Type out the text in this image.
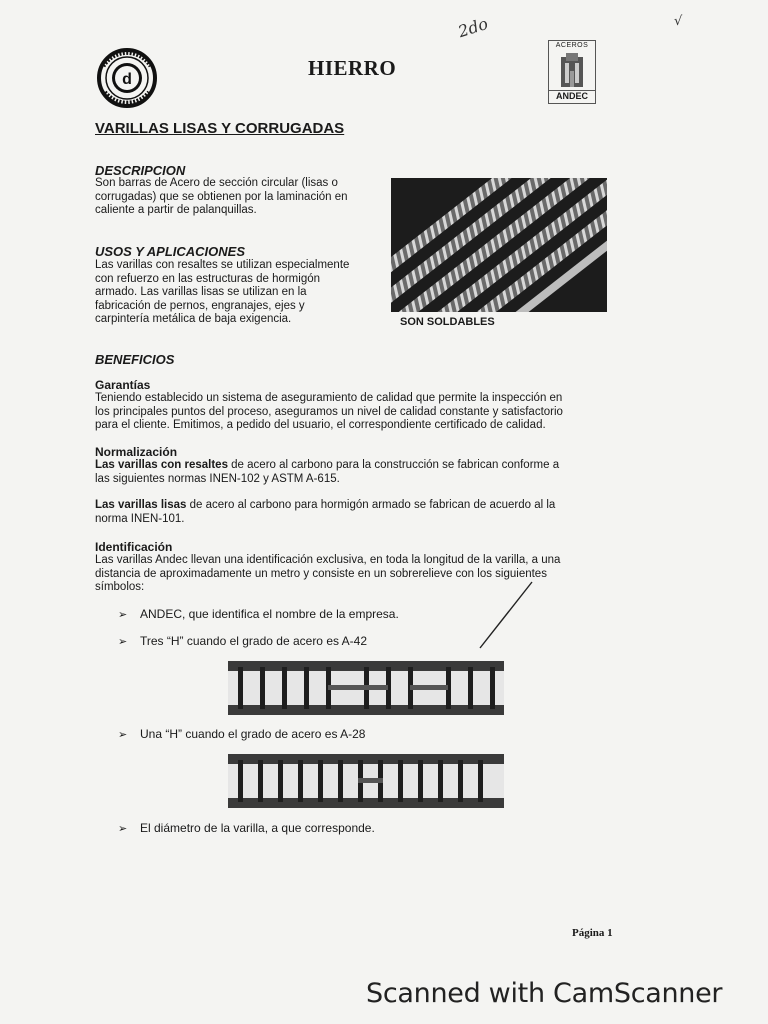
2do	√
d
ACEROS
ANDEC
HIERRO
VARILLAS LISAS Y CORRUGADAS
DESCRIPCION
Son barras de Acero de sección circular (lisas o
corrugadas) que se obtienen por la laminación en
caliente a partir de palanquillas.
USOS Y APLICACIONES
Las varillas con resaltes se utilizan especialmente
con refuerzo en las estructuras de hormigón
armado. Las varillas lisas se utilizan en la
fabricación de pernos, engranajes, ejes y
carpintería metálica de baja exigencia.	SON SOLDABLES
BENEFICIOS
Garantías
Teniendo establecido un sistema de aseguramiento de calidad que permite la inspección en
los principales puntos del proceso, aseguramos un nivel de calidad constante y satisfactorio
para el cliente. Emitimos, a pedido del usuario, el correspondiente certificado de calidad.
Normalización
Las varillas con resaltes de acero al carbono para la construcción se fabrican conforme a
las siguientes normas INEN-102 y ASTM A-615.
Las varillas lisas de acero al carbono para hormigón armado se fabrican de acuerdo al la
norma INEN-101.
Identificación
Las varillas Andec llevan una identificación exclusiva, en toda la longitud de la varilla, a una
distancia de aproximadamente un metro y consiste en un sobrerelieve con los siguientes
símbolos:
➢ ANDEC, que identifica el nombre de la empresa.
➢ Tres “H” cuando el grado de acero es A-42
➢ Una “H” cuando el grado de acero es A-28
➢ El diámetro de la varilla, a que corresponde.
Página 1
Scanned with CamScanner
